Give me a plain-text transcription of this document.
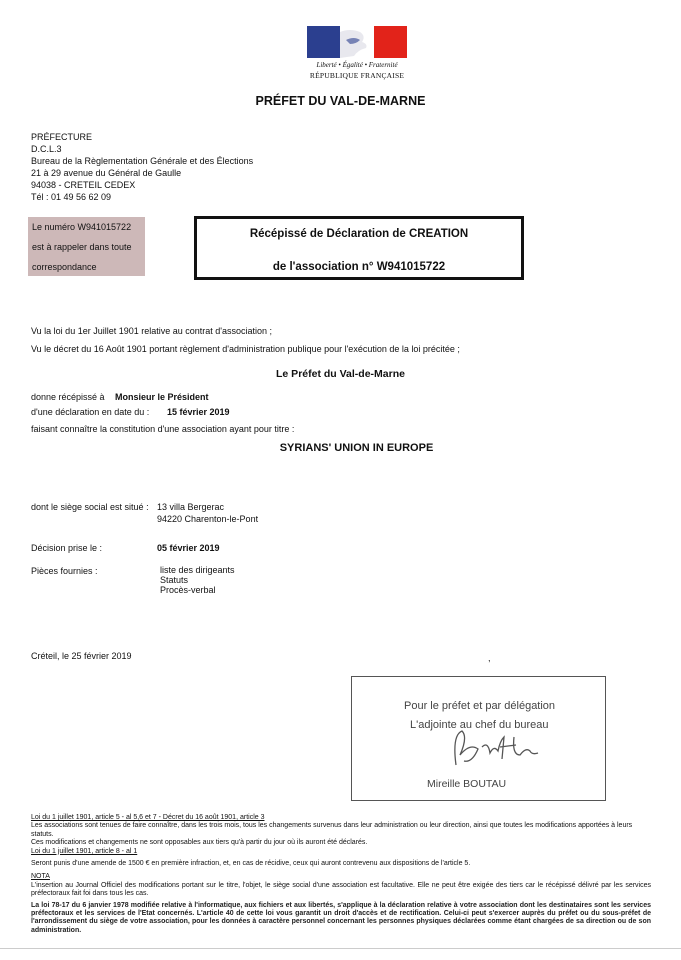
Liberté • Égalité • Fraternité
RÉPUBLIQUE FRANÇAISE
PRÉFET DU VAL-DE-MARNE
PRÉFECTURE
D.C.L.3
Bureau de la Règlementation Générale et des Élections
21 à 29 avenue du Général de Gaulle
94038 - CRETEIL CEDEX
Tél : 01 49 56 62 09
Le numéro W941015722
est à rappeler dans toute
correspondance
Récépissé de Déclaration de CREATION
de l'association n° W941015722
Vu la loi du 1er Juillet 1901 relative au contrat d'association ;
Vu le décret du 16 Août 1901 portant règlement d'administration publique pour l'exécution de la loi précitée ;
Le Préfet du Val-de-Marne
donne récépissé à Monsieur le Président
d'une déclaration en date du : 15 février 2019
faisant connaître la constitution d'une association ayant pour titre :
SYRIANS' UNION IN EUROPE
dont le siège social est situé : 13 villa Bergerac
94220 Charenton-le-Pont
Décision prise le :	05 février 2019
Pièces fournies :	liste des dirigeants
Statuts
Procès-verbal
Créteil, le 25 février 2019	,
Pour le préfet et par délégation
L'adjointe au chef du bureau
Mireille BOUTAU
Loi du 1 juillet 1901, article 5 - al 5,6 et 7 - Décret du 16 août 1901, article 3
Les associations sont tenues de faire connaître, dans les trois mois, tous les changements survenus dans leur administration ou leur direction, ainsi que toutes les modifications apportées à leurs statuts.
Ces modifications et changements ne sont opposables aux tiers qu'à partir du jour où ils auront été déclarés.
Loi du 1 juillet 1901, article 8 - al 1
Seront punis d'une amende de 1500 € en première infraction, et, en cas de récidive, ceux qui auront contrevenu aux dispositions de l'article 5.
NOTA
L'insertion au Journal Officiel des modifications portant sur le titre, l'objet, le siège social d'une association est facultative. Elle ne peut être exigée des tiers car le récépissé délivré par les services préfectoraux fait foi dans tous les cas.
La loi 78-17 du 6 janvier 1978 modifiée relative à l'informatique, aux fichiers et aux libertés, s'applique à la déclaration relative à votre association dont les destinataires sont les services préfectoraux et les services de l'Etat concernés. L'article 40 de cette loi vous garantit un droit d'accès et de rectification. Celui-ci peut s'exercer auprès du préfet ou du sous-préfet de l'arrondissement du siège de votre association, pour les données à caractère personnel concernant les personnes physiques déclarées comme étant chargées de sa direction ou de son administration.
